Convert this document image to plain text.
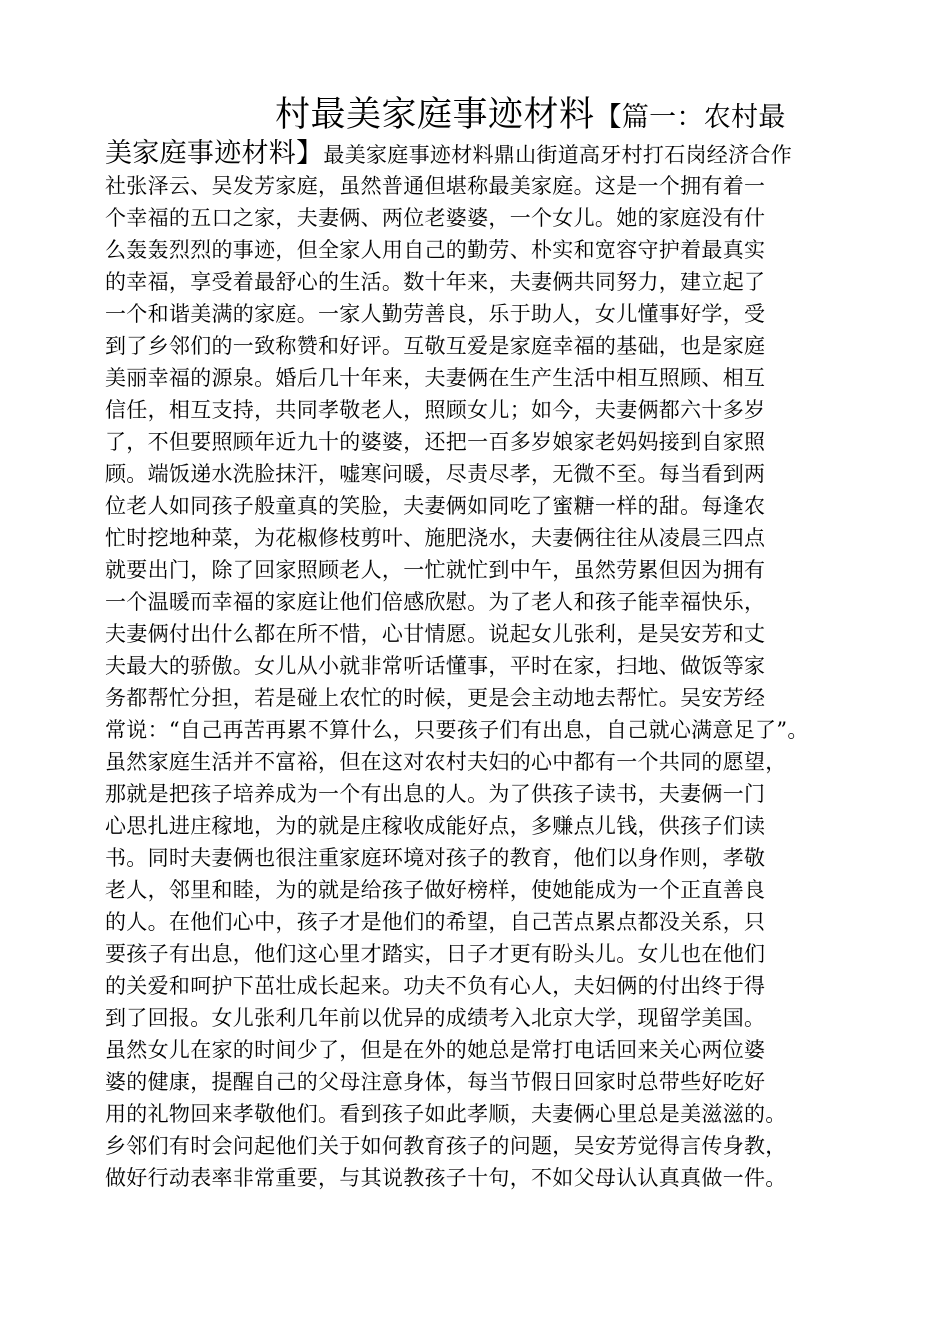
村最美家庭事迹材料【篇一：农村最
美家庭事迹材料】最美家庭事迹材料鼎山街道高牙村打石岗经济合作
社张泽云、吴发芳家庭，虽然普通但堪称最美家庭。这是一个拥有着一
个幸福的五口之家，夫妻俩、两位老婆婆，一个女儿。她的家庭没有什
么轰轰烈烈的事迹，但全家人用自己的勤劳、朴实和宽容守护着最真实
的幸福，享受着最舒心的生活。数十年来，夫妻俩共同努力，建立起了
一个和谐美满的家庭。一家人勤劳善良，乐于助人，女儿懂事好学，受
到了乡邻们的一致称赞和好评。互敬互爱是家庭幸福的基础，也是家庭
美丽幸福的源泉。婚后几十年来，夫妻俩在生产生活中相互照顾、相互
信任，相互支持，共同孝敬老人，照顾女儿；如今，夫妻俩都六十多岁
了，不但要照顾年近九十的婆婆，还把一百多岁娘家老妈妈接到自家照
顾。端饭递水洗脸抹汗，嘘寒问暖，尽责尽孝，无微不至。每当看到两
位老人如同孩子般童真的笑脸，夫妻俩如同吃了蜜糖一样的甜。每逢农
忙时挖地种菜，为花椒修枝剪叶、施肥浇水，夫妻俩往往从凌晨三四点
就要出门，除了回家照顾老人，一忙就忙到中午，虽然劳累但因为拥有
一个温暖而幸福的家庭让他们倍感欣慰。为了老人和孩子能幸福快乐，
夫妻俩付出什么都在所不惜，心甘情愿。说起女儿张利，是吴安芳和丈
夫最大的骄傲。女儿从小就非常听话懂事，平时在家，扫地、做饭等家
务都帮忙分担，若是碰上农忙的时候，更是会主动地去帮忙。吴安芳经
常说：“自己再苦再累不算什么，只要孩子们有出息，自己就心满意足了”。
虽然家庭生活并不富裕，但在这对农村夫妇的心中都有一个共同的愿望，
那就是把孩子培养成为一个有出息的人。为了供孩子读书，夫妻俩一门
心思扎进庄稼地，为的就是庄稼收成能好点，多赚点儿钱，供孩子们读
书。同时夫妻俩也很注重家庭环境对孩子的教育，他们以身作则，孝敬
老人，邻里和睦，为的就是给孩子做好榜样，使她能成为一个正直善良
的人。在他们心中，孩子才是他们的希望，自己苦点累点都没关系，只
要孩子有出息，他们这心里才踏实，日子才更有盼头儿。女儿也在他们
的关爱和呵护下茁壮成长起来。功夫不负有心人，夫妇俩的付出终于得
到了回报。女儿张利几年前以优异的成绩考入北京大学，现留学美国。
虽然女儿在家的时间少了，但是在外的她总是常打电话回来关心两位婆
婆的健康，提醒自己的父母注意身体，每当节假日回家时总带些好吃好
用的礼物回来孝敬他们。看到孩子如此孝顺，夫妻俩心里总是美滋滋的。
乡邻们有时会问起他们关于如何教育孩子的问题，吴安芳觉得言传身教，
做好行动表率非常重要，与其说教孩子十句，不如父母认认真真做一件。
